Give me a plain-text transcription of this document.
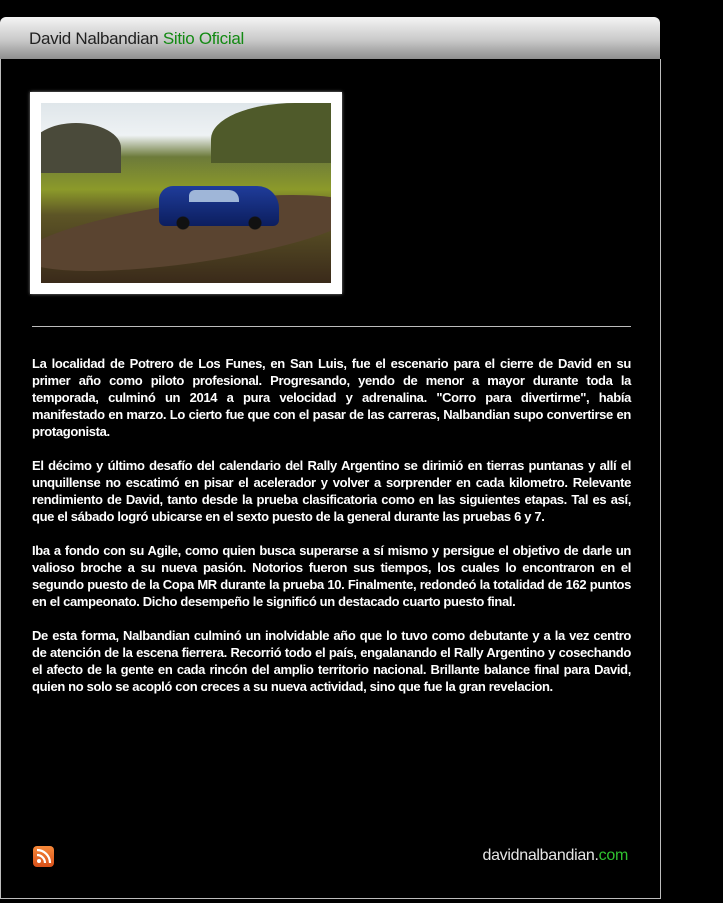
David Nalbandian Sitio Oficial

La localidad de Potrero de Los Funes, en San Luis, fue el escenario para el cierre de David en su primer año como piloto profesional. Progresando, yendo de menor a mayor durante toda la temporada, culminó un 2014 a pura velocidad y adrenalina. "Corro para divertirme", había manifestado en marzo. Lo cierto fue que con el pasar de las carreras, Nalbandian supo convertirse en protagonista.

El décimo y último desafío del calendario del Rally Argentino se dirimió en tierras puntanas y allí el unquillense no escatimó en pisar el acelerador y volver a sorprender en cada kilometro. Relevante rendimiento de David, tanto desde la prueba clasificatoria como en las siguientes etapas. Tal es así, que el sábado logró ubicarse en el sexto puesto de la general durante las pruebas 6 y 7.

Iba a fondo con su Agile, como quien busca superarse a sí mismo y persigue el objetivo de darle un valioso broche a su nueva pasión. Notorios fueron sus tiempos, los cuales lo encontraron en el segundo puesto de la Copa MR durante la prueba 10. Finalmente, redondeó la totalidad de 162 puntos en el campeonato. Dicho desempeño le significó un destacado cuarto puesto final.

De esta forma, Nalbandian culminó un inolvidable año que lo tuvo como debutante y a la vez centro de atención de la escena fierrera. Recorrió todo el país, engalanando el Rally Argentino y cosechando el afecto de la gente en cada rincón del amplio territorio nacional. Brillante balance final para David, quien no solo se acopló con creces a su nueva actividad, sino que fue la gran revelacion.

davidnalbandian.com
